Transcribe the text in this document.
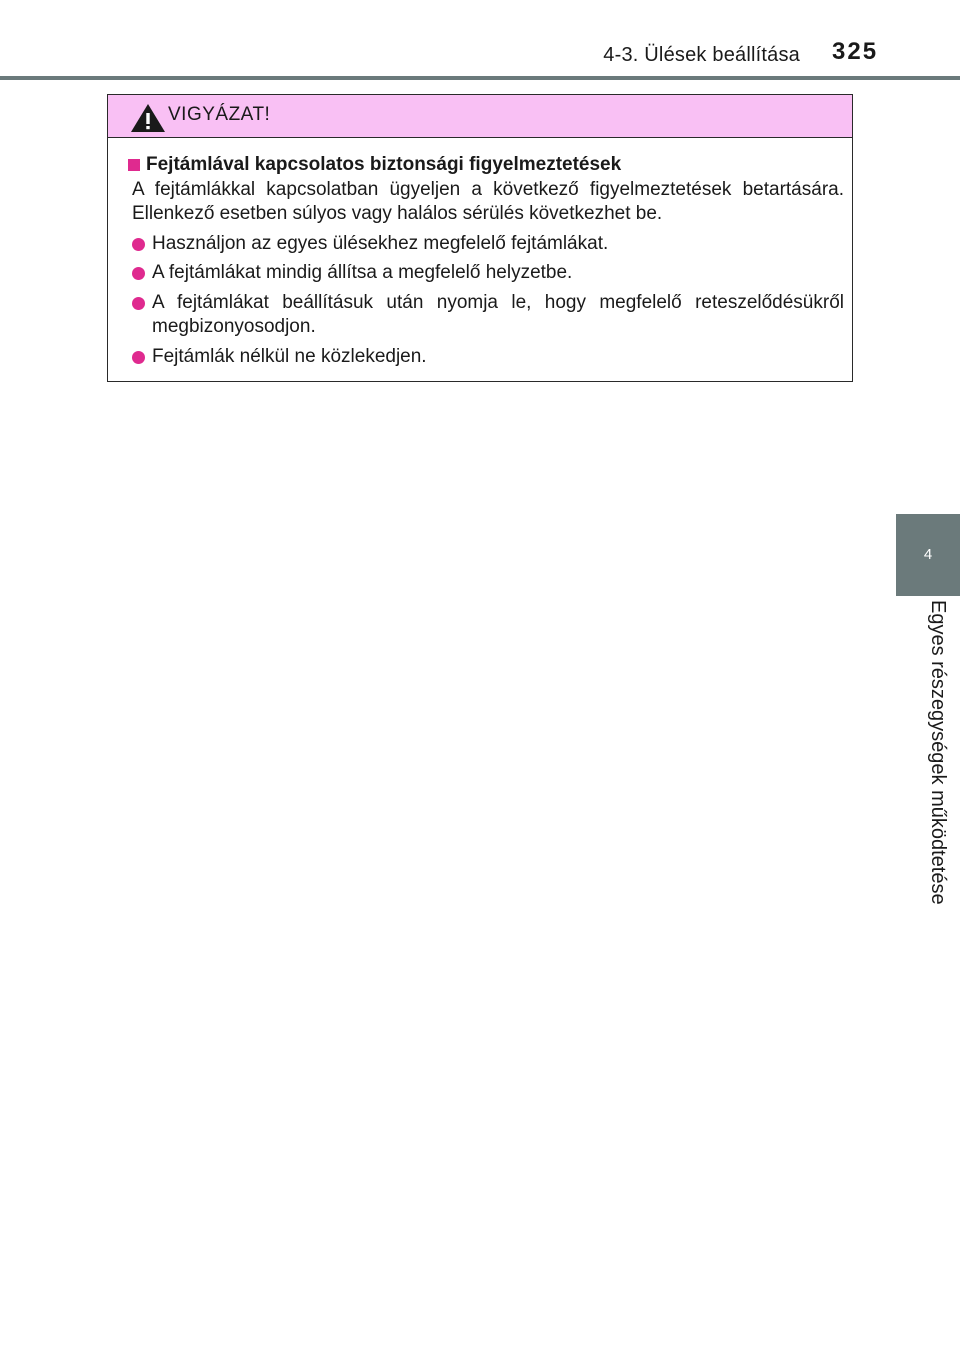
4-3. Ülések beállítása 325
4
Egyes részegységek működtetése
VIGYÁZAT!
Fejtámlával kapcsolatos biztonsági figyelmeztetések
A fejtámlákkal kapcsolatban ügyeljen a következő figyelmeztetések betartására. Ellenkező esetben súlyos vagy halálos sérülés következhet be.
Használjon az egyes ülésekhez megfelelő fejtámlákat.
A fejtámlákat mindig állítsa a megfelelő helyzetbe.
A fejtámlákat beállításuk után nyomja le, hogy megfelelő reteszelődésükről megbizonyosodjon.
Fejtámlák nélkül ne közlekedjen.
